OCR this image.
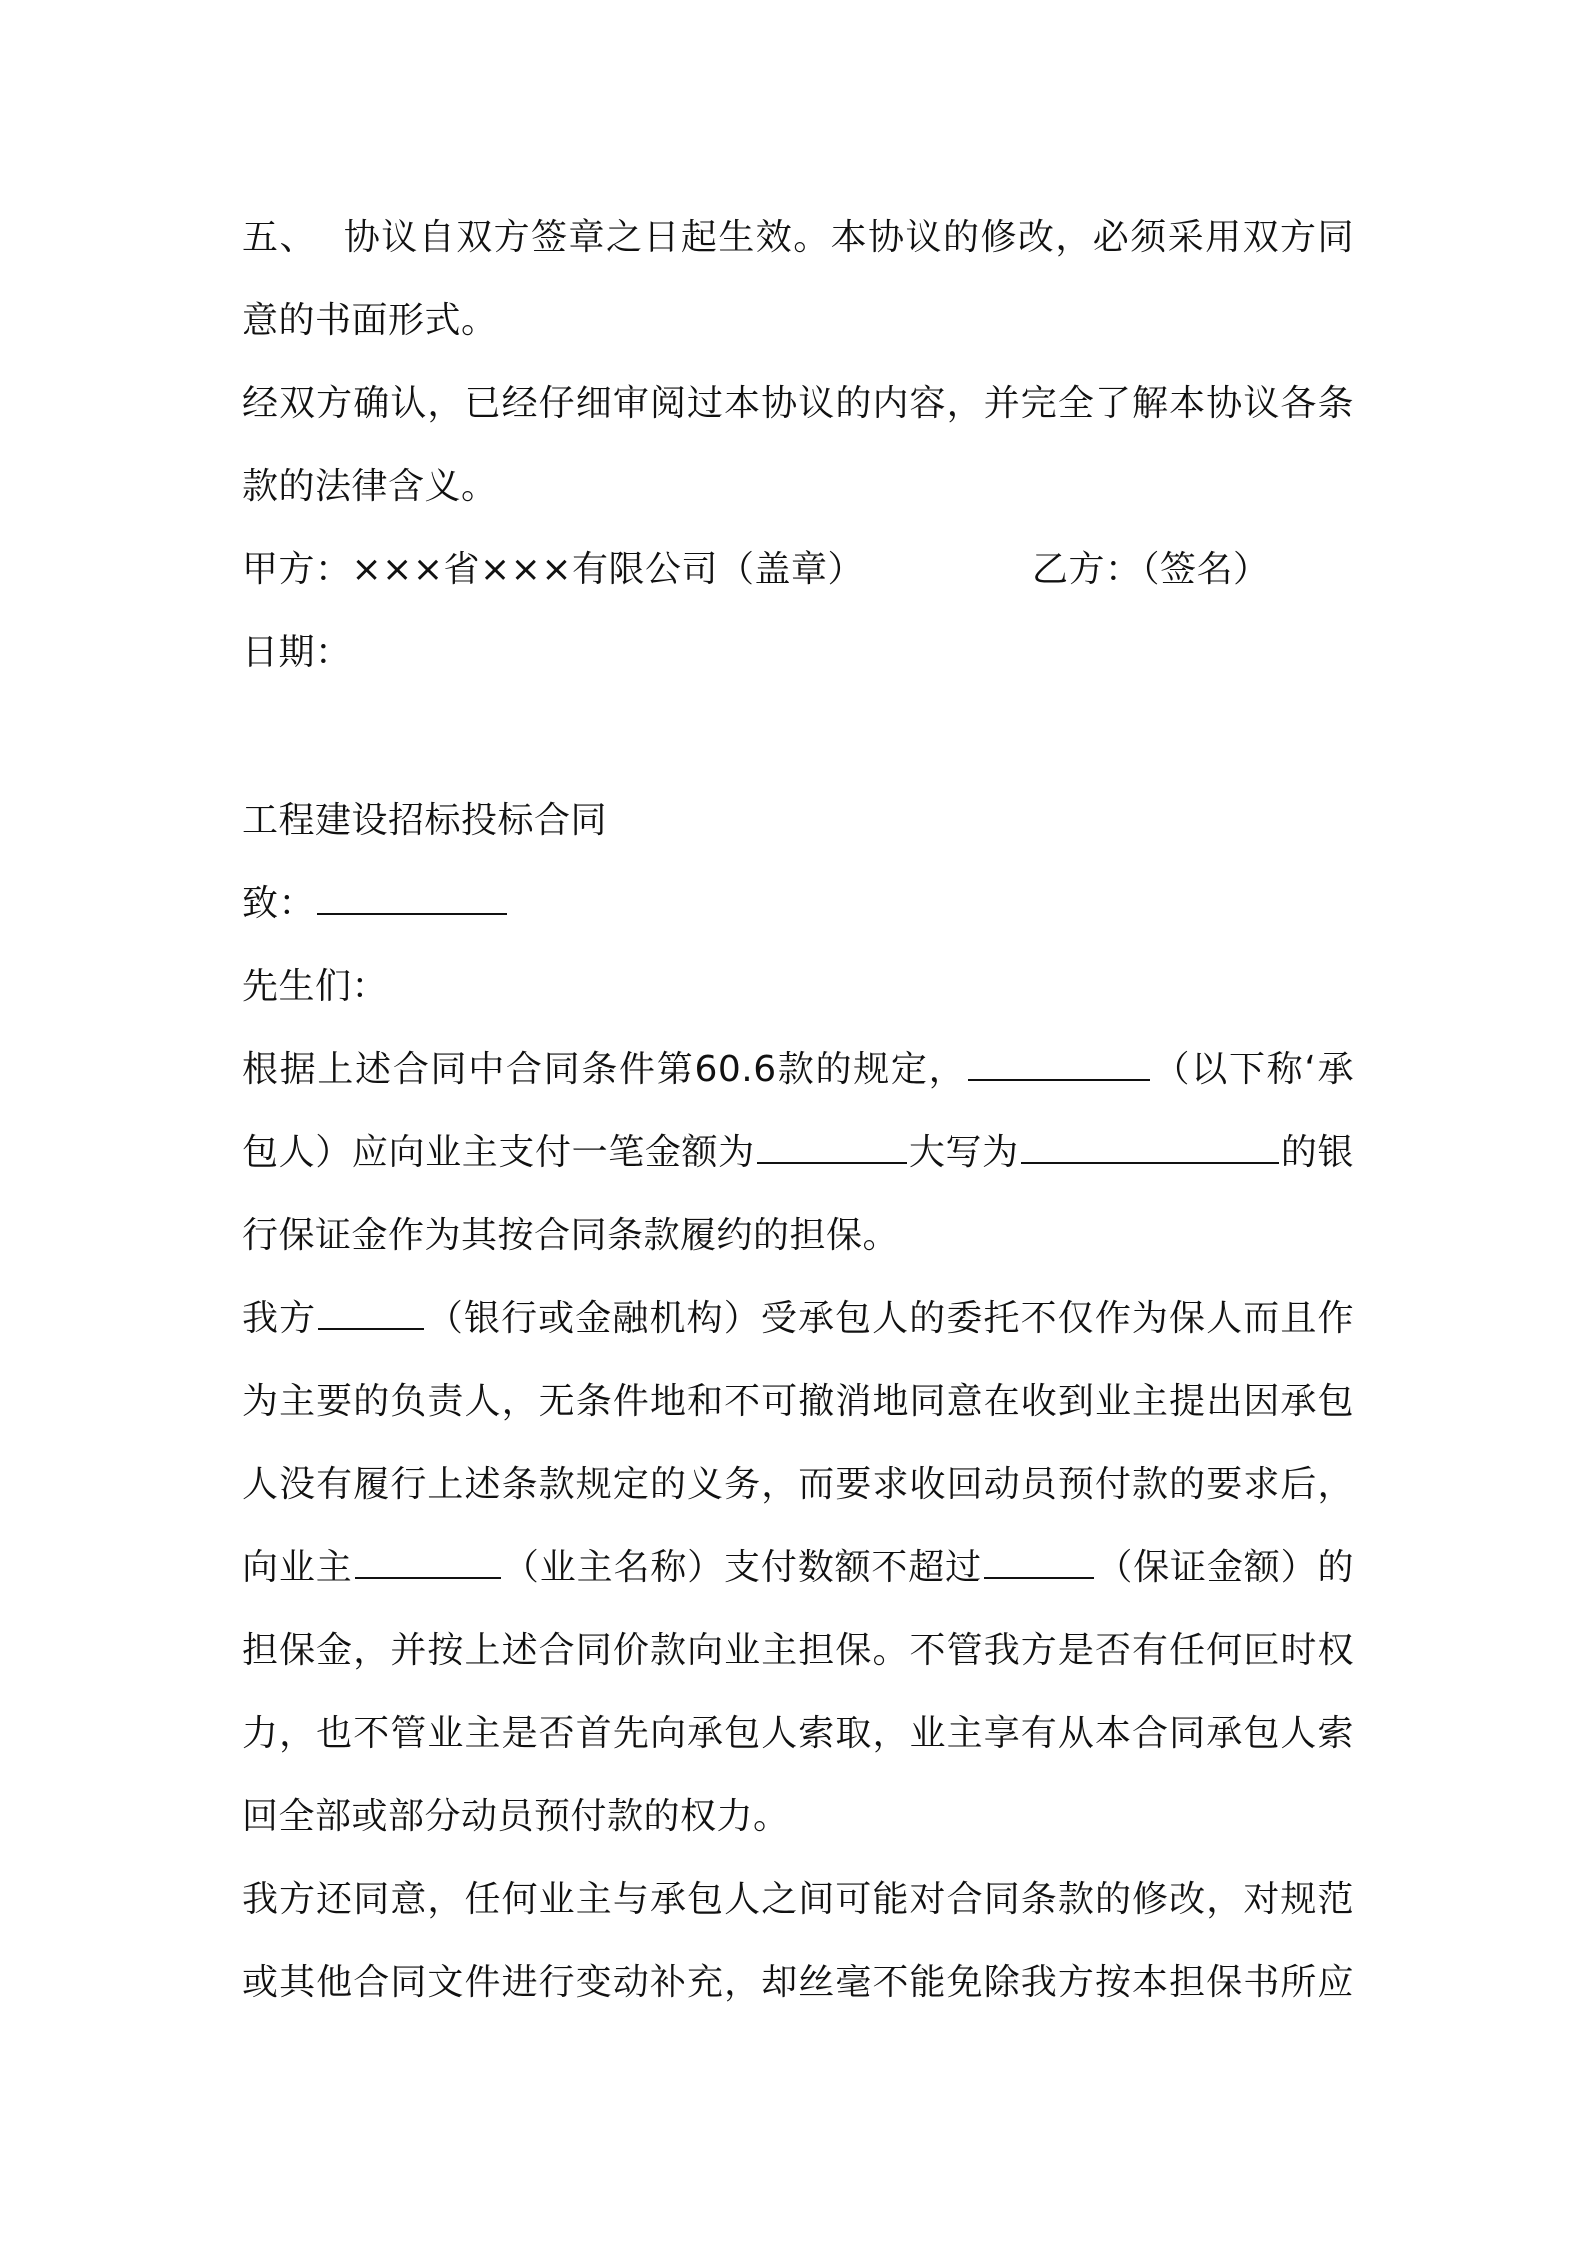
五、 协议自双方签章之日起生效。本协议的修改，必须采用双方同
意的书面形式。
经双方确认，已经仔细审阅过本协议的内容，并完全了解本协议各条
款的法律含义。
甲方：×××省×××有限公司（盖章）	乙方：（签名）
日期：
工程建设招标投标合同
致：
先生们：
根据上述合同中合同条件第60.6款的规定，	（以下称‘承
包人）应向业主支付一笔金额为	大写为	的银
行保证金作为其按合同条款履约的担保。
我方	（银行或金融机构）受承包人的委托不仅作为保人而且作
为主要的负责人，无条件地和不可撤消地同意在收到业主提出因承包
人没有履行上述条款规定的义务，而要求收回动员预付款的要求后，
向业主	（业主名称）支付数额不超过	（保证金额）的
担保金，并按上述合同价款向业主担保。不管我方是否有任何叵时权
力，也不管业主是否首先向承包人索取，业主享有从本合同承包人索
回全部或部分动员预付款的权力。
我方还同意，任何业主与承包人之间可能对合同条款的修改，对规范
或其他合同文件进行变动补充，却丝毫不能免除我方按本担保书所应
